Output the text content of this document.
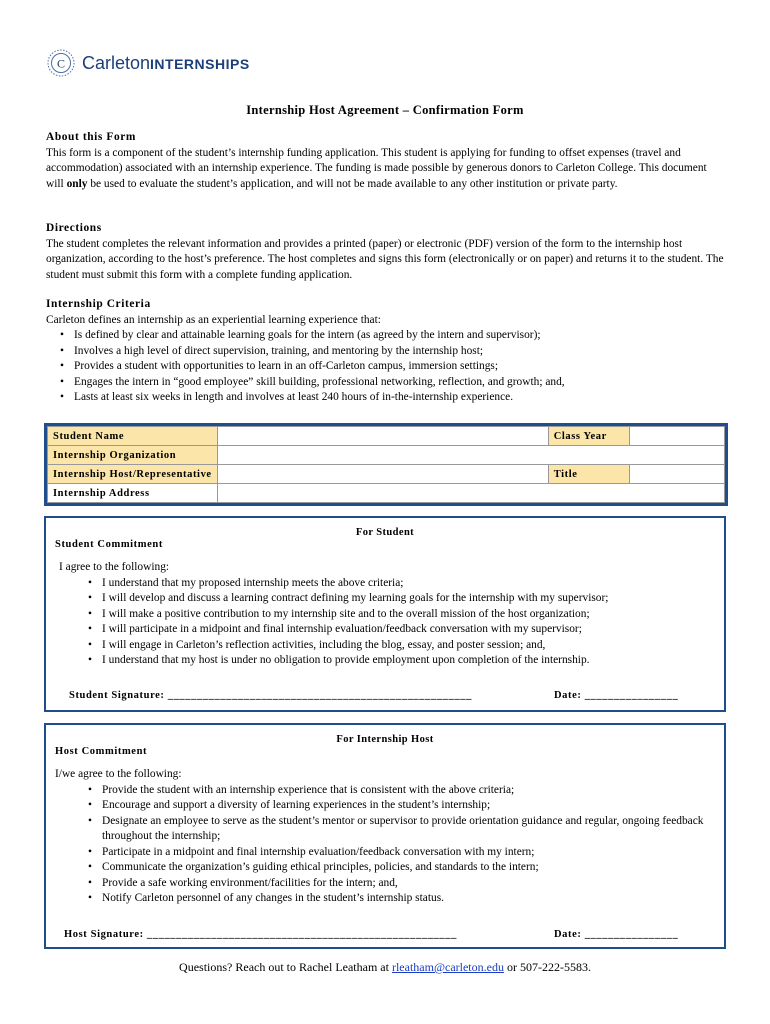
C CarletonINTERNSHIPS
Internship Host Agreement – Confirmation Form
About this Form

This form is a component of the student’s internship funding application. This student is applying for funding to offset expenses (travel and accommodation) associated with an internship experience. The funding is made possible by generous donors to Carleton College. This document will only be used to evaluate the student’s application, and will not be made available to any other institution or private party.

Directions

The student completes the relevant information and provides a printed (paper) or electronic (PDF) version of the form to the internship host organization, according to the host’s preference. The host completes and signs this form (electronically or on paper) and returns it to the student. The student must submit this form with a complete funding application.

Internship Criteria

Carleton defines an internship as an experiential learning experience that:

• Is defined by clear and attainable learning goals for the intern (as agreed by the intern and supervisor);
• Involves a high level of direct supervision, training, and mentoring by the internship host;
• Provides a student with opportunities to learn in an off-Carleton campus, immersion settings;
• Engages the intern in “good employee” skill building, professional networking, reflection, and growth; and,
• Lasts at least six weeks in length and involves at least 240 hours of in-the-internship experience.
Student Name		Class Year	
Internship Organization			
Internship Host/Representative		Title	
Internship Address			
For Student
Student Commitment

I agree to the following:

• I understand that my proposed internship meets the above criteria;
• I will develop and discuss a learning contract defining my learning goals for the internship with my supervisor;
• I will make a positive contribution to my internship site and to the overall mission of the host organization;
• I will participate in a midpoint and final internship evaluation/feedback conversation with my supervisor;
• I will engage in Carleton’s reflection activities, including the blog, essay, and poster session; and,
• I understand that my host is under no obligation to provide employment upon completion of the internship.
Student Signature: ____________________________________________________	Date: ________________
For Internship Host
Host Commitment

I/we agree to the following:

• Provide the student with an internship experience that is consistent with the above criteria;
• Encourage and support a diversity of learning experiences in the student’s internship;
• Designate an employee to serve as the student’s mentor or supervisor to provide orientation guidance and regular, ongoing feedback throughout the internship;
• Participate in a midpoint and final internship evaluation/feedback conversation with my intern;
• Communicate the organization’s guiding ethical principles, policies, and standards to the intern;
• Provide a safe working environment/facilities for the intern; and,
• Notify Carleton personnel of any changes in the student’s internship status.
Host Signature: _____________________________________________________	Date: ________________
Questions? Reach out to Rachel Leatham at rleatham@carleton.edu or 507-222-5583.
